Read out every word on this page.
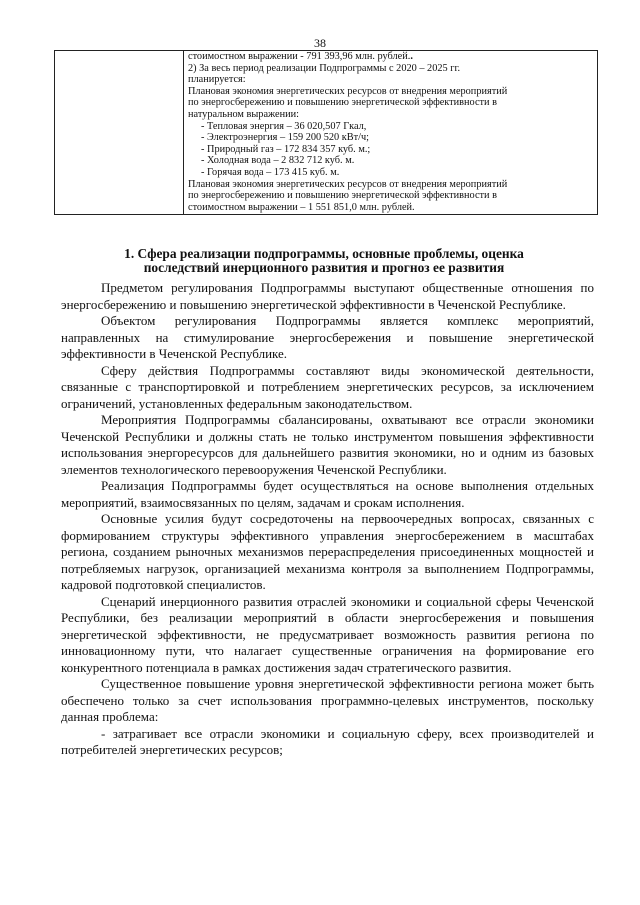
38

стоимостном выражении - 791 393,96 млн. рублей..
2) За весь период реализации Подпрограммы с 2020 – 2025 гг.
планируется:
Плановая экономия энергетических ресурсов от внедрения мероприятий
по энергосбережению и повышению энергетической эффективности в
натуральном выражении:
- Тепловая энергия – 36 020,507 Гкал,
- Электроэнергия – 159 200 520 кВт/ч;
- Природный газ – 172 834 357 куб. м.;
- Холодная вода – 2 832 712 куб. м.
- Горячая вода – 173 415 куб. м.
Плановая экономия энергетических ресурсов от внедрения мероприятий
по энергосбережению и повышению энергетической эффективности в
стоимостном выражении – 1 551 851,0 млн. рублей.
1. Сфера реализации подпрограммы, основные проблемы, оценка
последствий инерционного развития и прогноз ее развития

Предметом регулирования Подпрограммы выступают общественные отношения по энергосбережению и повышению энергетической эффективности в Чеченской Республике.

Объектом регулирования Подпрограммы является комплекс мероприятий, направленных на стимулирование энергосбережения и повышение энергетической эффективности в Чеченской Республике.

Сферу действия Подпрограммы составляют виды экономической деятельности, связанные с транспортировкой и потреблением энергетических ресурсов, за исключением ограничений, установленных федеральным законодательством.

Мероприятия Подпрограммы сбалансированы, охватывают все отрасли экономики Чеченской Республики и должны стать не только инструментом повышения эффективности использования энергоресурсов для дальнейшего развития экономики, но и одним из базовых элементов технологического перевооружения Чеченской Республики.

Реализация Подпрограммы будет осуществляться на основе выполнения отдельных мероприятий, взаимосвязанных по целям, задачам и срокам исполнения.

Основные усилия будут сосредоточены на первоочередных вопросах, связанных с формированием структуры эффективного управления энергосбережением в масштабах региона, созданием рыночных механизмов перераспределения присоединенных мощностей и потребляемых нагрузок, организацией механизма контроля за выполнением Подпрограммы, кадровой подготовкой специалистов.

Сценарий инерционного развития отраслей экономики и социальной сферы Чеченской Республики, без реализации мероприятий в области энергосбережения и повышения энергетической эффективности, не предусматривает возможность развития региона по инновационному пути, что налагает существенные ограничения на формирование его конкурентного потенциала в рамках достижения задач стратегического развития.

Существенное повышение уровня энергетической эффективности региона может быть обеспечено только за счет использования программно-целевых инструментов, поскольку данная проблема:

- затрагивает все отрасли экономики и социальную сферу, всех производителей и потребителей энергетических ресурсов;
